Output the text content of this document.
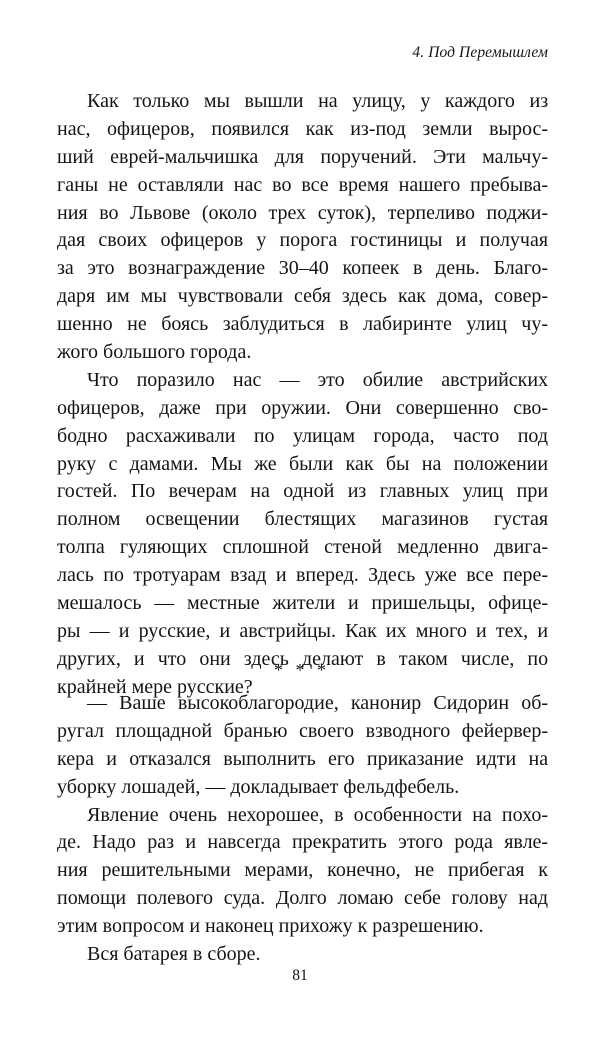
4. Под Перемышлем
Как только мы вышли на улицу, у каждого из
нас, офицеров, появился как из-под земли вырос-
ший еврей-мальчишка для поручений. Эти мальчу-
ганы не оставляли нас во все время нашего пребыва-
ния во Львове (около трех суток), терпеливо поджи-
дая своих офицеров у порога гостиницы и получая
за это вознаграждение 30–40 копеек в день. Благо-
даря им мы чувствовали себя здесь как дома, совер-
шенно не боясь заблудиться в лабиринте улиц чу-
жого большого города.
Что поразило нас — это обилие австрийских
офицеров, даже при оружии. Они совершенно сво-
бодно расхаживали по улицам города, часто под
руку с дамами. Мы же были как бы на положении
гостей. По вечерам на одной из главных улиц при
полном освещении блестящих магазинов густая
толпа гуляющих сплошной стеной медленно двига-
лась по тротуарам взад и вперед. Здесь уже все пере-
мешалось — местные жители и пришельцы, офице-
ры — и русские, и австрийцы. Как их много и тех, и
других, и что они здесь делают в таком числе, по
крайней мере русские?
* * *
— Ваше высокоблагородие, канонир Сидорин об-
ругал площадной бранью своего взводного фейервер-
кера и отказался выполнить его приказание идти на
уборку лошадей, — докладывает фельдфебель.
Явление очень нехорошее, в особенности на похо-
де. Надо раз и навсегда прекратить этого рода явле-
ния решительными мерами, конечно, не прибегая к
помощи полевого суда. Долго ломаю себе голову над
этим вопросом и наконец прихожу к разрешению.
Вся батарея в сборе.
81
